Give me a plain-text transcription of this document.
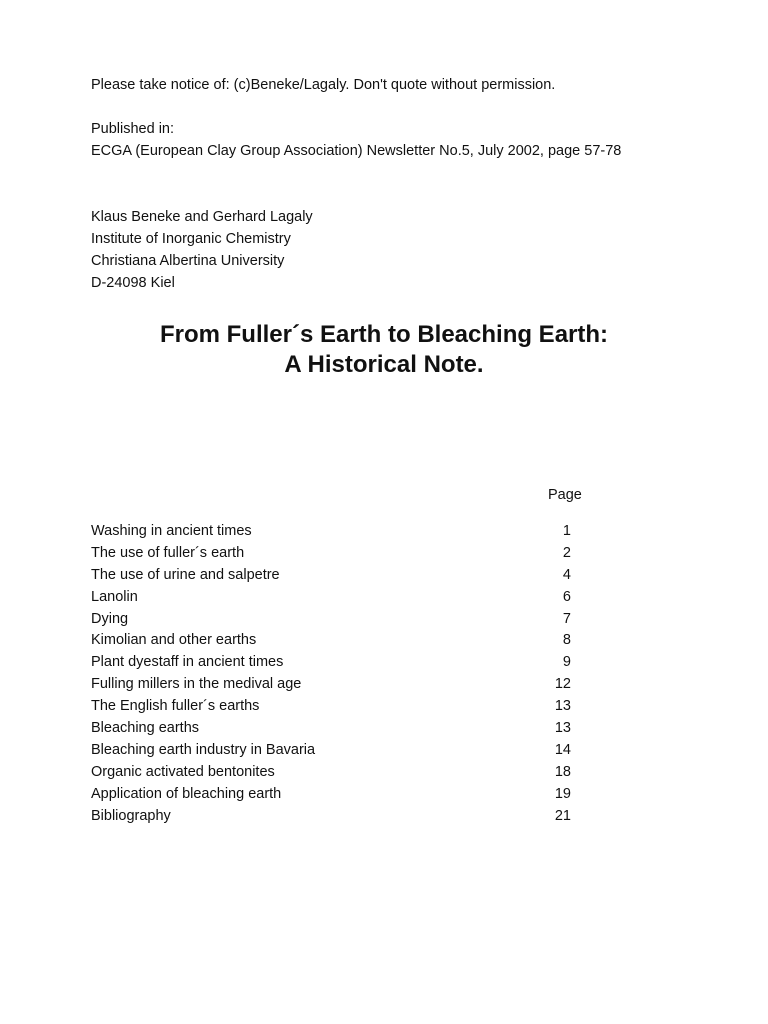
Please take notice of: (c)Beneke/Lagaly. Don't quote without permission.
Published in:
ECGA (European Clay Group Association) Newsletter No.5, July 2002, page 57-78
Klaus Beneke and Gerhard Lagaly
Institute of Inorganic Chemistry
Christiana Albertina University
D-24098 Kiel
From Fuller´s Earth to Bleaching Earth:
A Historical Note.
Page
Washing in ancient times	1
The use of fuller´s earth	2
The use of urine and salpetre	4
Lanolin	6
Dying	7
Kimolian and other earths	8
Plant dyestaff in ancient times	9
Fulling millers in the medival age	12
The English fuller´s earths	13
Bleaching earths	13
Bleaching earth industry in Bavaria	14
Organic activated bentonites	18
Application of bleaching earth	19
Bibliography	21
